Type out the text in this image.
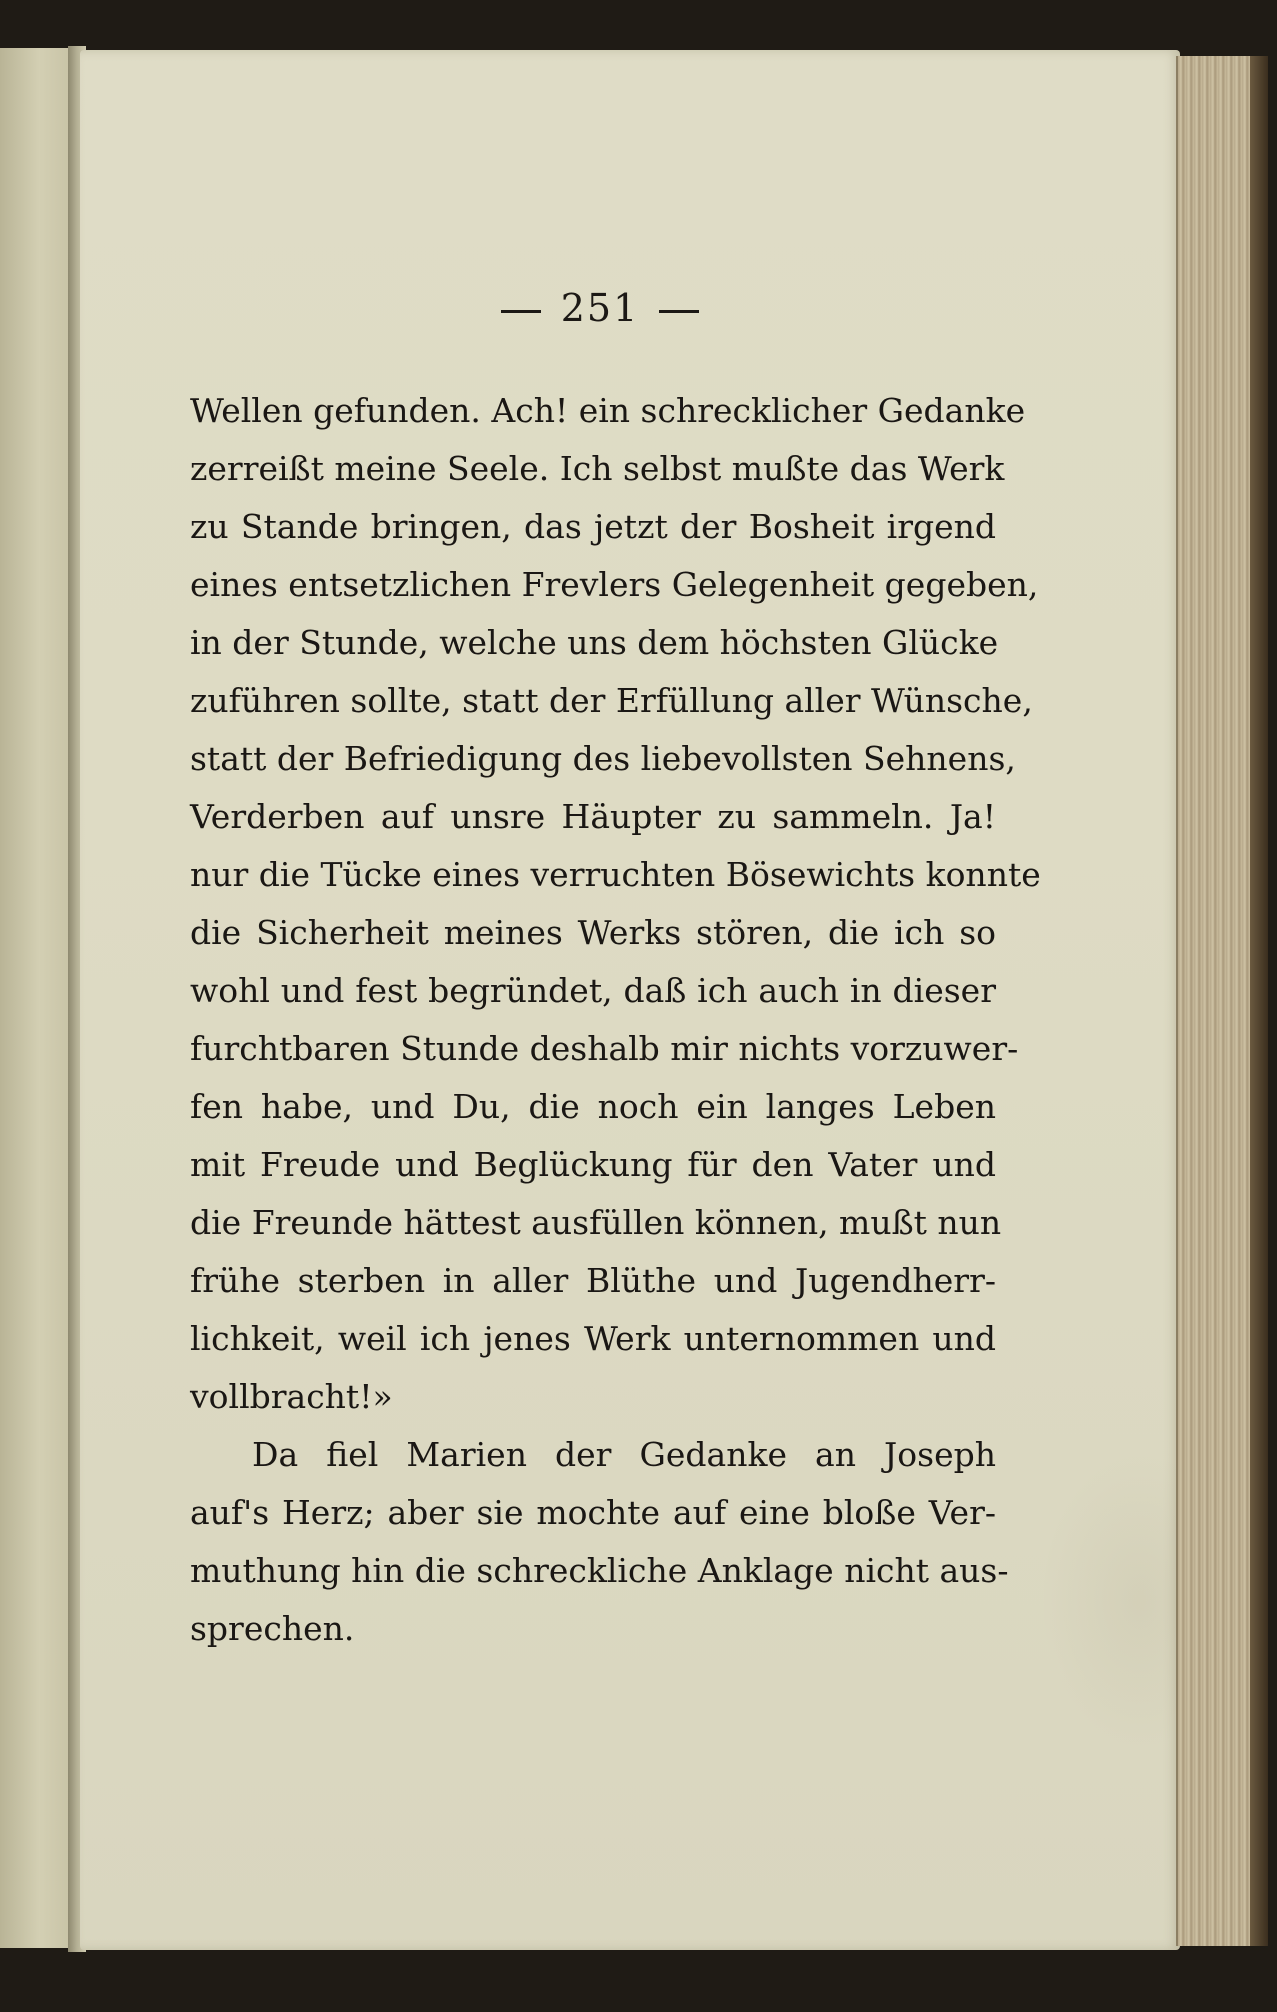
251
Wellen gefunden. Ach! ein schrecklicher Gedanke
zerreißt meine Seele. Ich selbst mußte das Werk
zu Stande bringen, das jetzt der Bosheit irgend
eines entsetzlichen Frevlers Gelegenheit gegeben,
in der Stunde, welche uns dem höchsten Glücke
zuführen sollte, statt der Erfüllung aller Wünsche,
statt der Befriedigung des liebevollsten Sehnens,
Verderben auf unsre Häupter zu sammeln. Ja!
nur die Tücke eines verruchten Bösewichts konnte
die Sicherheit meines Werks stören, die ich so
wohl und fest begründet, daß ich auch in dieser
furchtbaren Stunde deshalb mir nichts vorzuwer-
fen habe, und Du, die noch ein langes Leben
mit Freude und Beglückung für den Vater und
die Freunde hättest ausfüllen können, mußt nun
frühe sterben in aller Blüthe und Jugendherr-
lichkeit, weil ich jenes Werk unternommen und
vollbracht!»
Da fiel Marien der Gedanke an Joseph
auf's Herz; aber sie mochte auf eine bloße Ver-
muthung hin die schreckliche Anklage nicht aus-
sprechen.
